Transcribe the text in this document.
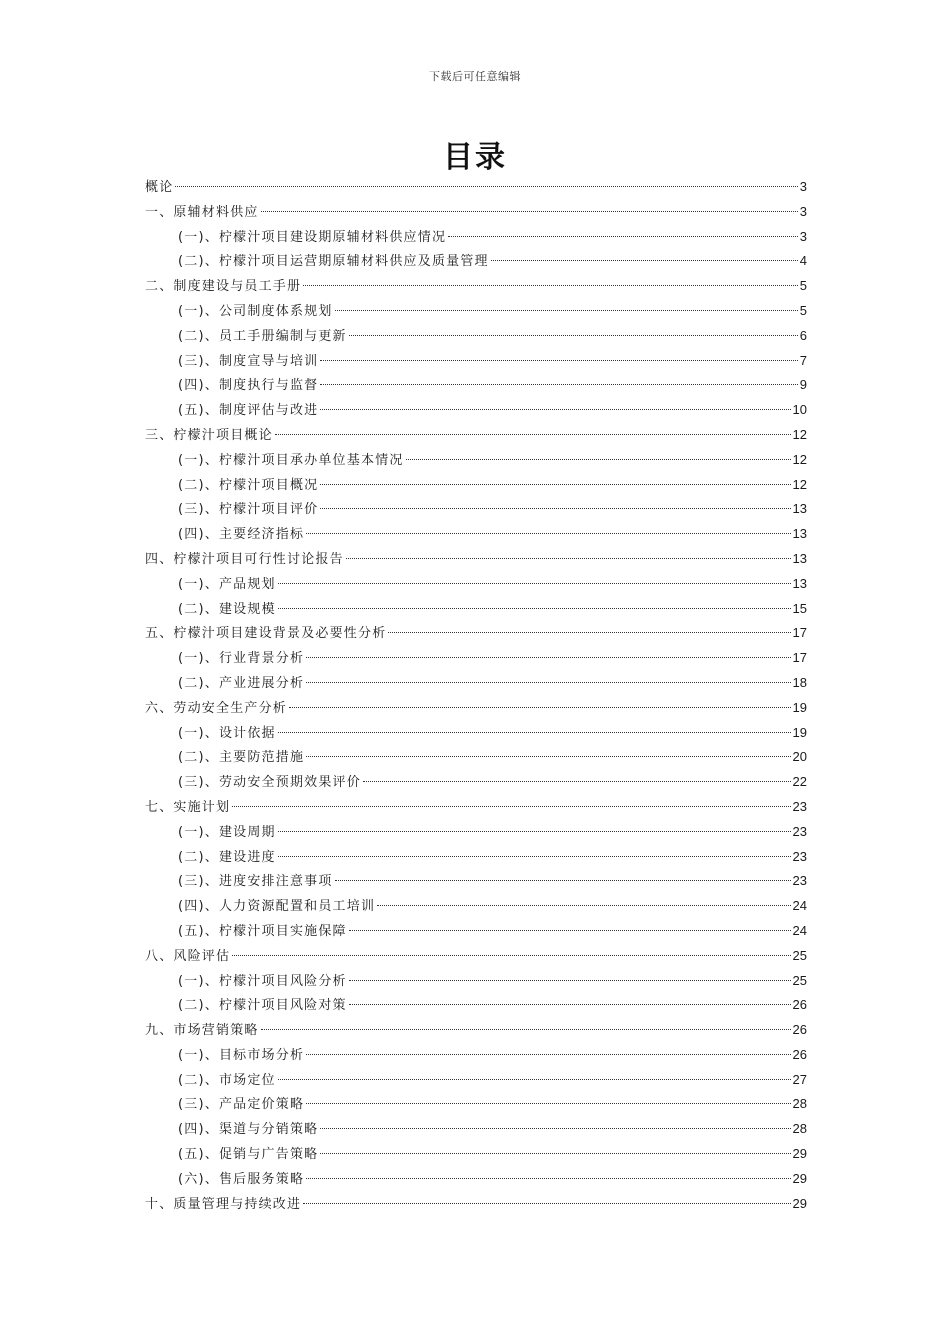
下载后可任意编辑
目录
概论	3
一、原辅材料供应	3
(一)、柠檬汁项目建设期原辅材料供应情况	3
(二)、柠檬汁项目运营期原辅材料供应及质量管理	4
二、制度建设与员工手册	5
(一)、公司制度体系规划	5
(二)、员工手册编制与更新	6
(三)、制度宣导与培训	7
(四)、制度执行与监督	9
(五)、制度评估与改进	10
三、柠檬汁项目概论	12
(一)、柠檬汁项目承办单位基本情况	12
(二)、柠檬汁项目概况	12
(三)、柠檬汁项目评价	13
(四)、主要经济指标	13
四、柠檬汁项目可行性讨论报告	13
(一)、产品规划	13
(二)、建设规模	15
五、柠檬汁项目建设背景及必要性分析	17
(一)、行业背景分析	17
(二)、产业进展分析	18
六、劳动安全生产分析	19
(一)、设计依据	19
(二)、主要防范措施	20
(三)、劳动安全预期效果评价	22
七、实施计划	23
(一)、建设周期	23
(二)、建设进度	23
(三)、进度安排注意事项	23
(四)、人力资源配置和员工培训	24
(五)、柠檬汁项目实施保障	24
八、风险评估	25
(一)、柠檬汁项目风险分析	25
(二)、柠檬汁项目风险对策	26
九、市场营销策略	26
(一)、目标市场分析	26
(二)、市场定位	27
(三)、产品定价策略	28
(四)、渠道与分销策略	28
(五)、促销与广告策略	29
(六)、售后服务策略	29
十、质量管理与持续改进	29
